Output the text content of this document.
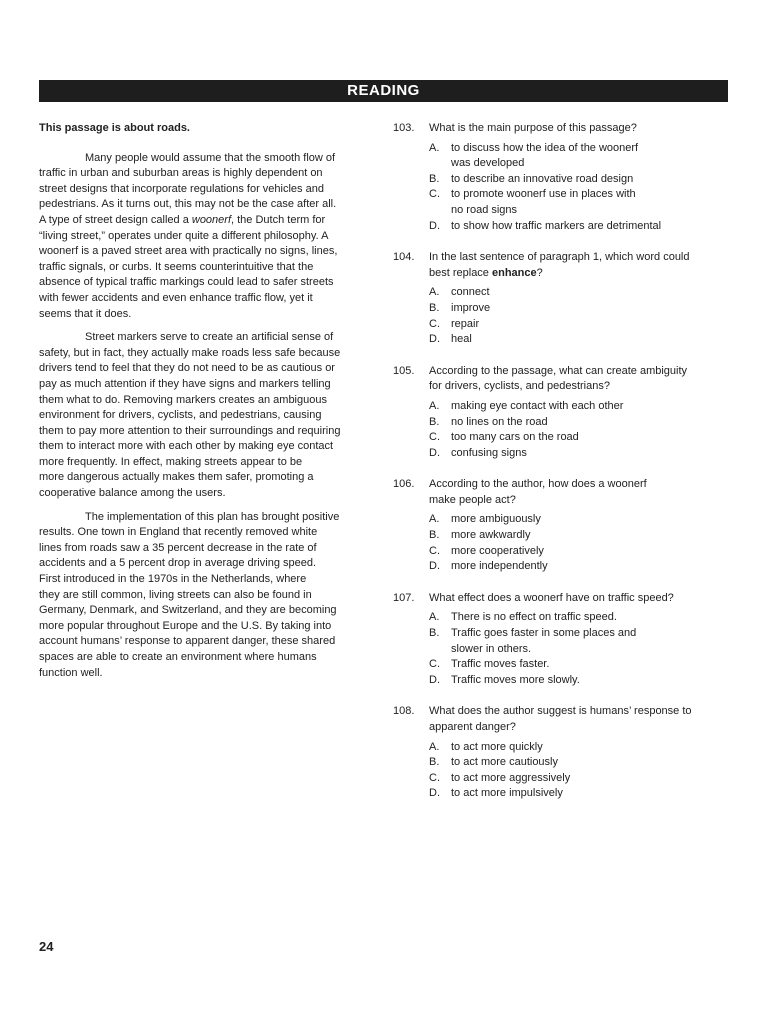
READING

This passage is about roads.

Many people would assume that the smooth flow of
traffic in urban and suburban areas is highly dependent on
street designs that incorporate regulations for vehicles and
pedestrians. As it turns out, this may not be the case after all.
A type of street design called a woonerf, the Dutch term for
“living street,” operates under quite a different philosophy. A
woonerf is a paved street area with practically no signs, lines,
traffic signals, or curbs. It seems counterintuitive that the
absence of typical traffic markings could lead to safer streets
with fewer accidents and even enhance traffic flow, yet it
seems that it does.

Street markers serve to create an artificial sense of
safety, but in fact, they actually make roads less safe because
drivers tend to feel that they do not need to be as cautious or
pay as much attention if they have signs and markers telling
them what to do. Removing markers creates an ambiguous
environment for drivers, cyclists, and pedestrians, causing
them to pay more attention to their surroundings and requiring
them to interact more with each other by making eye contact
more frequently. In effect, making streets appear to be
more dangerous actually makes them safer, promoting a
cooperative balance among the users.

The implementation of this plan has brought positive
results. One town in England that recently removed white
lines from roads saw a 35 percent decrease in the rate of
accidents and a 5 percent drop in average driving speed.
First introduced in the 1970s in the Netherlands, where
they are still common, living streets can also be found in
Germany, Denmark, and Switzerland, and they are becoming
more popular throughout Europe and the U.S. By taking into
account humans’ response to apparent danger, these shared
spaces are able to create an environment where humans
function well.

103.	What is the main purpose of this passage?
A.	to discuss how the idea of the woonerf
was developed
B.	to describe an innovative road design
C.	to promote woonerf use in places with
no road signs
D.	to show how traffic markers are detrimental
104.	In the last sentence of paragraph 1, which word could
best replace enhance?
A.	connect
B.	improve
C.	repair
D.	heal
105.	According to the passage, what can create ambiguity
for drivers, cyclists, and pedestrians?
A.	making eye contact with each other
B.	no lines on the road
C.	too many cars on the road
D.	confusing signs
106.	According to the author, how does a woonerf
make people act?
A.	more ambiguously
B.	more awkwardly
C.	more cooperatively
D.	more independently
107.	What effect does a woonerf have on traffic speed?
A.	There is no effect on traffic speed.
B.	Traffic goes faster in some places and
slower in others.
C.	Traffic moves faster.
D.	Traffic moves more slowly.
108.	What does the author suggest is humans’ response to
apparent danger?
A.	to act more quickly
B.	to act more cautiously
C.	to act more aggressively
D.	to act more impulsively
24
